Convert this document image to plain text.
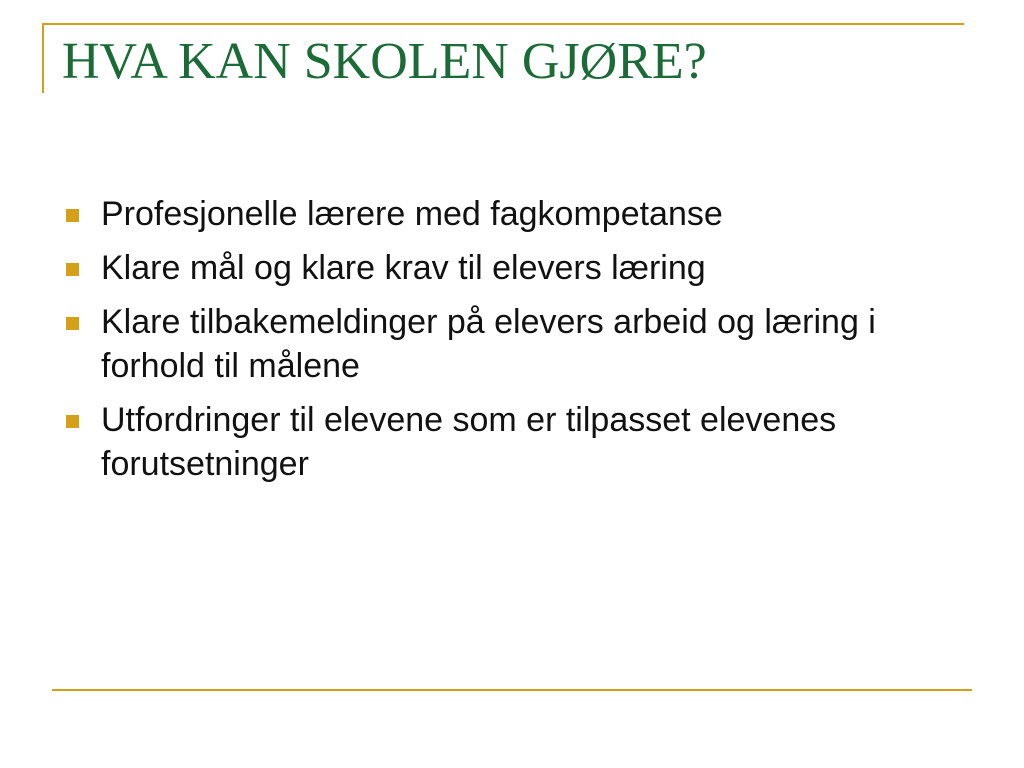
HVA KAN SKOLEN GJØRE?
Profesjonelle lærere med fagkompetanse
Klare mål og klare krav til elevers læring
Klare tilbakemeldinger på elevers arbeid og læring i forhold til målene
Utfordringer til elevene som er tilpasset elevenes forutsetninger
